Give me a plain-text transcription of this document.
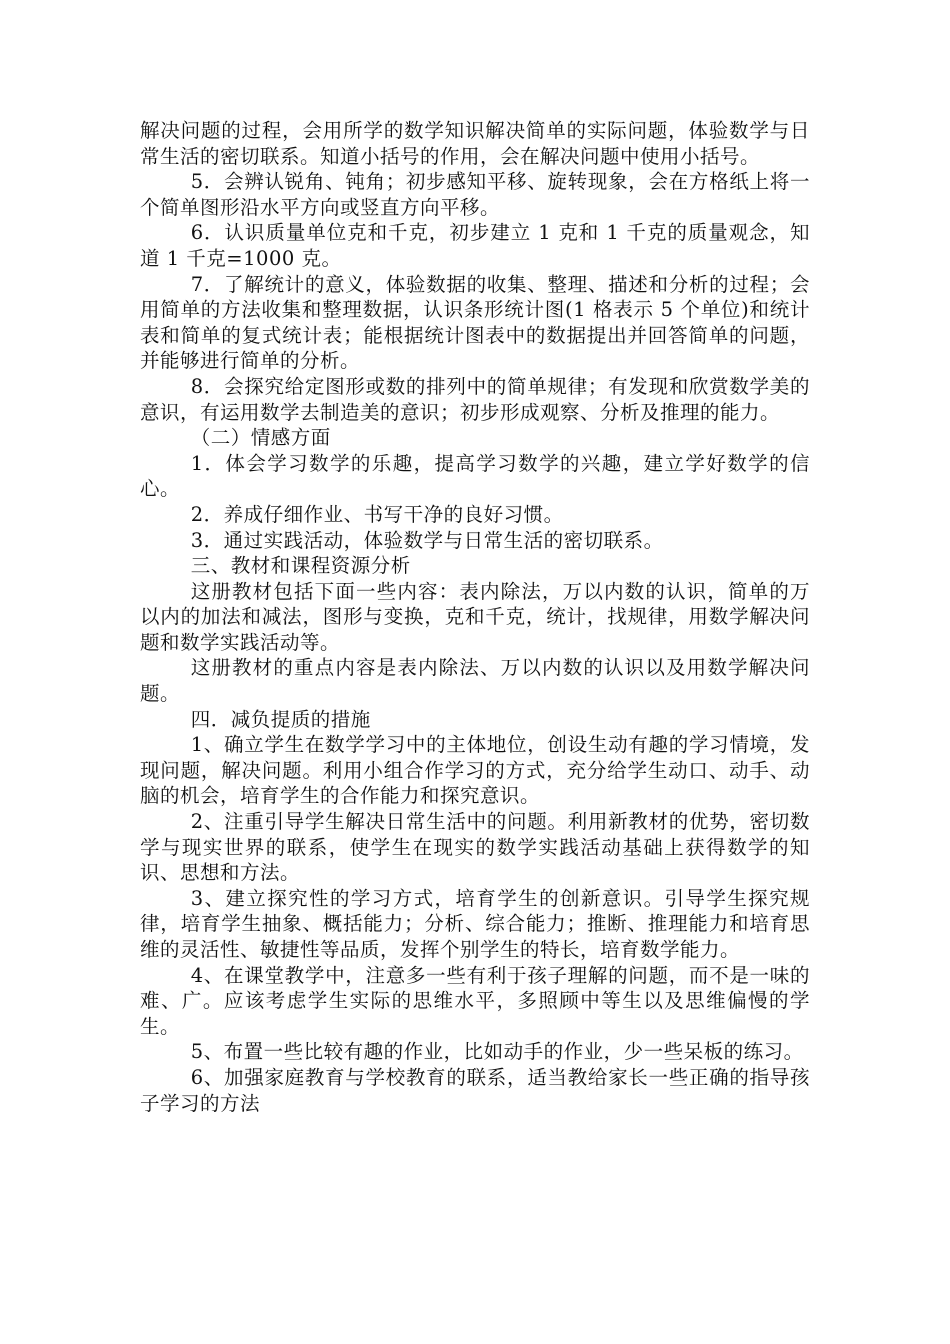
解决问题的过程，会用所学的数学知识解决简单的实际问题，体验数学与日常生活的密切联系。知道小括号的作用，会在解决问题中使用小括号。

5．会辨认锐角、钝角；初步感知平移、旋转现象，会在方格纸上将一个简单图形沿水平方向或竖直方向平移。

6．认识质量单位克和千克，初步建立 1 克和 1 千克的质量观念，知道 1 千克=1000 克。

7．了解统计的意义，体验数据的收集、整理、描述和分析的过程；会用简单的方法收集和整理数据，认识条形统计图(1 格表示 5 个单位)和统计表和简单的复式统计表；能根据统计图表中的数据提出并回答简单的问题，并能够进行简单的分析。

8．会探究给定图形或数的排列中的简单规律；有发现和欣赏数学美的意识，有运用数学去制造美的意识；初步形成观察、分析及推理的能力。

（二）情感方面

1．体会学习数学的乐趣，提高学习数学的兴趣，建立学好数学的信心。

2．养成仔细作业、书写干净的良好习惯。

3．通过实践活动，体验数学与日常生活的密切联系。

三、教材和课程资源分析

这册教材包括下面一些内容：表内除法，万以内数的认识，简单的万以内的加法和减法，图形与变换，克和千克，统计，找规律，用数学解决问题和数学实践活动等。

这册教材的重点内容是表内除法、万以内数的认识以及用数学解决问题。

四．减负提质的措施

1、确立学生在数学学习中的主体地位，创设生动有趣的学习情境，发现问题，解决问题。利用小组合作学习的方式，充分给学生动口、动手、动脑的机会，培育学生的合作能力和探究意识。

2、注重引导学生解决日常生活中的问题。利用新教材的优势，密切数学与现实世界的联系，使学生在现实的数学实践活动基础上获得数学的知识、思想和方法。

3、建立探究性的学习方式，培育学生的创新意识。引导学生探究规律，培育学生抽象、概括能力；分析、综合能力；推断、推理能力和培育思维的灵活性、敏捷性等品质，发挥个别学生的特长，培育数学能力。

4、在课堂教学中，注意多一些有利于孩子理解的问题，而不是一味的难、广。应该考虑学生实际的思维水平，多照顾中等生以及思维偏慢的学生。

5、布置一些比较有趣的作业，比如动手的作业，少一些呆板的练习。

6、加强家庭教育与学校教育的联系，适当教给家长一些正确的指导孩子学习的方法
